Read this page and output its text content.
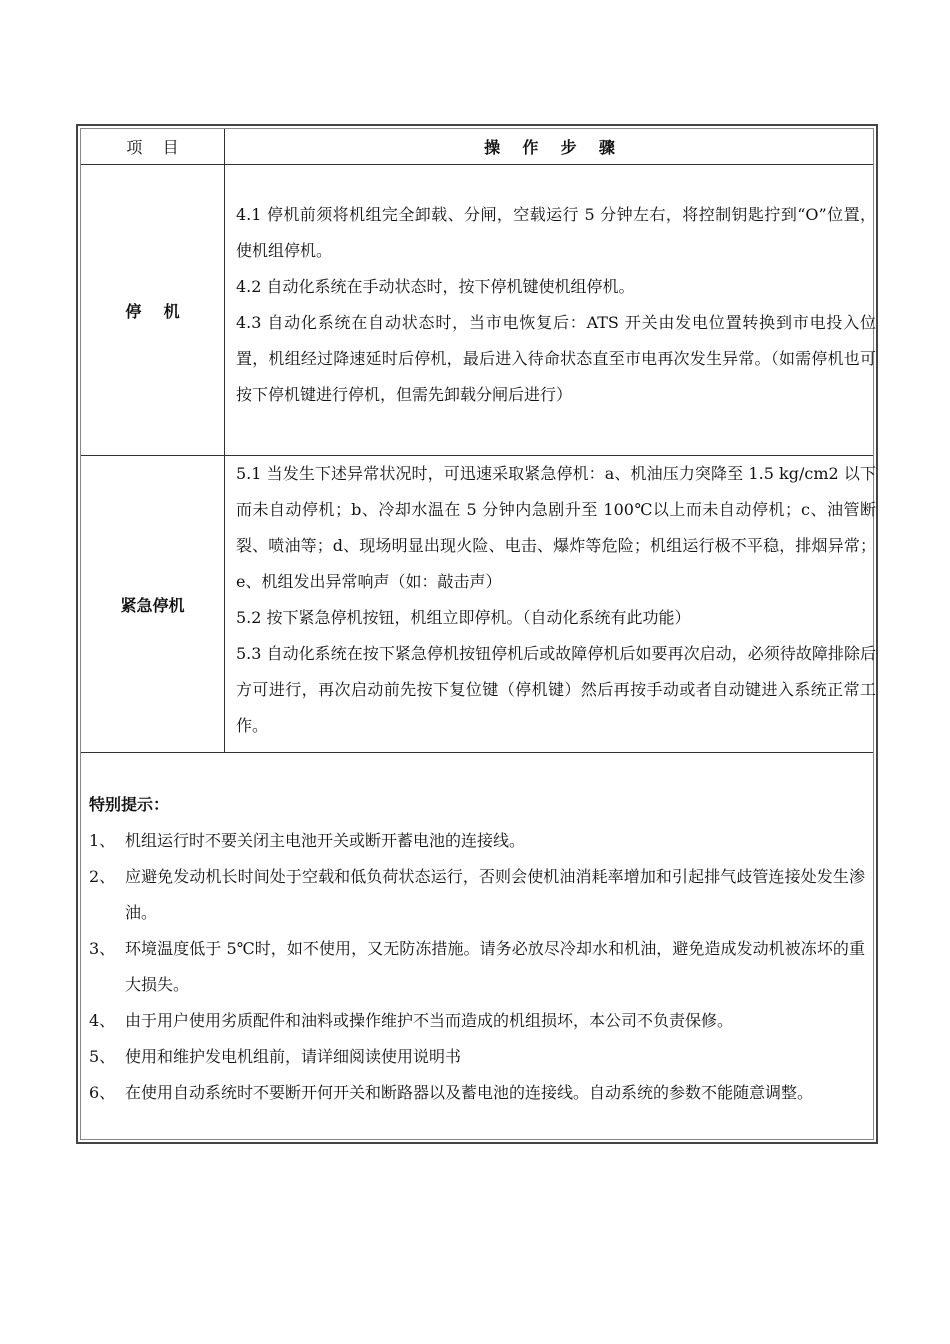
项    目	操    作    步    骤
停    机

4.1 停机前须将机组完全卸载、分闸，空载运行 5 分钟左右，将控制钥匙拧到“O”位置，使机组停机。

4.2 自动化系统在手动状态时，按下停机键使机组停机。

4.3 自动化系统在自动状态时，当市电恢复后：ATS 开关由发电位置转换到市电投入位置，机组经过降速延时后停机，最后进入待命状态直至市电再次发生异常。（如需停机也可按下停机键进行停机，但需先卸载分闸后进行）

紧急停机

5.1 当发生下述异常状况时，可迅速采取紧急停机：a、机油压力突降至 1.5 kg/cm2 以下而未自动停机；b、冷却水温在 5 分钟内急剧升至 100℃以上而未自动停机；c、油管断裂、喷油等；d、现场明显出现火险、电击、爆炸等危险；机组运行极不平稳，排烟异常；e、机组发出异常响声（如：敲击声）

5.2 按下紧急停机按钮，机组立即停机。（自动化系统有此功能）

5.3 自动化系统在按下紧急停机按钮停机后或故障停机后如要再次启动，必须待故障排除后方可进行，再次启动前先按下复位键（停机键）然后再按手动或者自动键进入系统正常工作。

特别提示：
1、 机组运行时不要关闭主电池开关或断开蓄电池的连接线。
2、 应避免发动机长时间处于空载和低负荷状态运行，否则会使机油消耗率增加和引起排气歧管连接处发生渗油。
3、 环境温度低于 5℃时，如不使用，又无防冻措施。请务必放尽冷却水和机油，避免造成发动机被冻坏的重大损失。
4、 由于用户使用劣质配件和油料或操作维护不当而造成的机组损坏，本公司不负责保修。
5、 使用和维护发电机组前，请详细阅读使用说明书
6、 在使用自动系统时不要断开何开关和断路器以及蓄电池的连接线。自动系统的参数不能随意调整。
